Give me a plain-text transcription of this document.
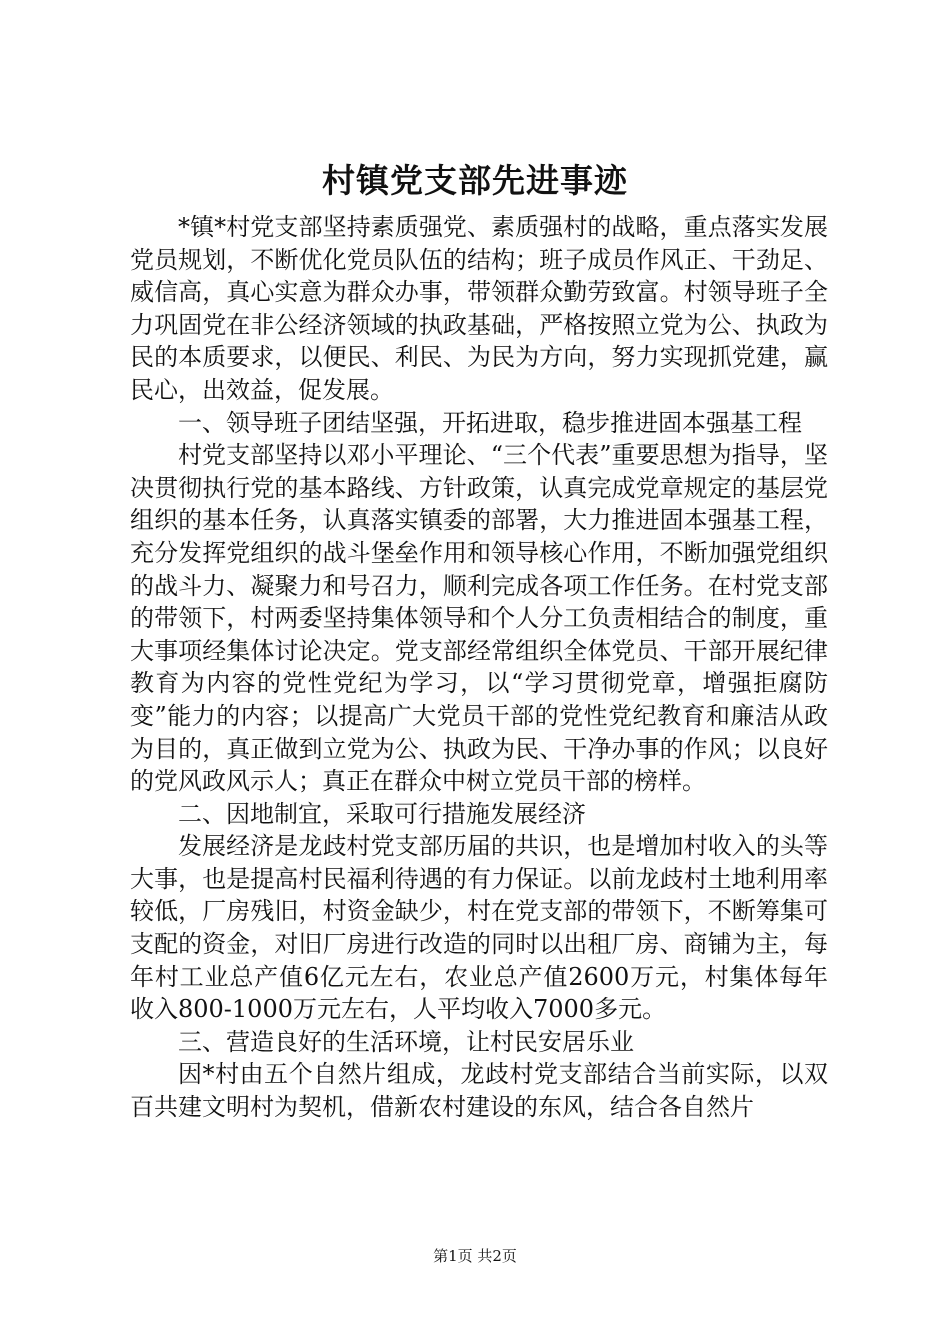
村镇党支部先进事迹

*镇*村党支部坚持素质强党、素质强村的战略，重点落实发展党员规划，不断优化党员队伍的结构；班子成员作风正、干劲足、威信高，真心实意为群众办事，带领群众勤劳致富。村领导班子全力巩固党在非公经济领域的执政基础，严格按照立党为公、执政为民的本质要求，以便民、利民、为民为方向，努力实现抓党建，赢民心，出效益，促发展。

一、领导班子团结坚强，开拓进取，稳步推进固本强基工程

村党支部坚持以邓小平理论、“三个代表”重要思想为指导，坚决贯彻执行党的基本路线、方针政策，认真完成党章规定的基层党组织的基本任务，认真落实镇委的部署，大力推进固本强基工程，充分发挥党组织的战斗堡垒作用和领导核心作用，不断加强党组织的战斗力、凝聚力和号召力，顺利完成各项工作任务。在村党支部的带领下，村两委坚持集体领导和个人分工负责相结合的制度，重大事项经集体讨论决定。党支部经常组织全体党员、干部开展纪律教育为内容的党性党纪为学习，以“学习贯彻党章，增强拒腐防变”能力的内容；以提高广大党员干部的党性党纪教育和廉洁从政为目的，真正做到立党为公、执政为民、干净办事的作风；以良好的党风政风示人；真正在群众中树立党员干部的榜样。

二、因地制宜，采取可行措施发展经济

发展经济是龙歧村党支部历届的共识，也是增加村收入的头等大事，也是提高村民福利待遇的有力保证。以前龙歧村土地利用率较低，厂房残旧，村资金缺少，村在党支部的带领下，不断筹集可支配的资金，对旧厂房进行改造的同时以出租厂房、商铺为主，每年村工业总产值6亿元左右，农业总产值2600万元，村集体每年收入800-1000万元左右，人平均收入7000多元。

三、营造良好的生活环境，让村民安居乐业

因*村由五个自然片组成，龙歧村党支部结合当前实际，以双百共建文明村为契机，借新农村建设的东风，结合各自然片

第1页 共2页
